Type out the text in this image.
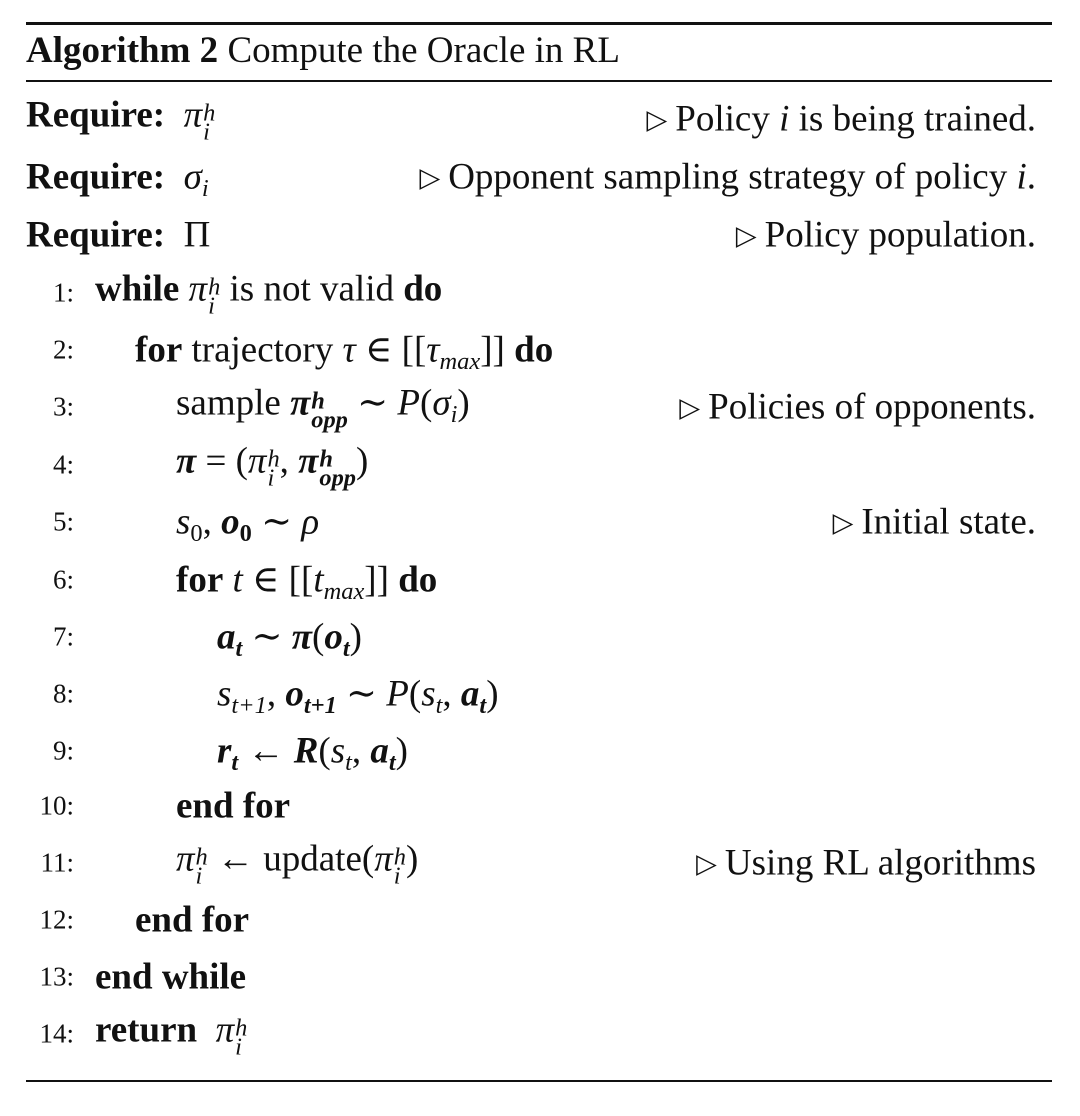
Algorithm 2 Compute the Oracle in RL
Require: π h
i	▷ Policy i is being trained.
Require: $\sigma_i$	▷ Opponent sampling strategy of policy i.
Require: Π	▷ Policy population.
1: while π h
i is not valid do
2: for trajectory τ ∈ $[[\tau_{max}]]$ do
3:	sample π h
opp ∼ $P(\sigma_i)$	▷ Policies of opponents.
4:	π = (π h
i , π h
opp )
5:	$s_0$, $o_0$ ∼ ρ	▷ Initial state.
6:	for t ∈ $[[t_{max}]]$ do
7:	$a_t$ ∼ $\pi(o_t)$
8:	$s_{t+1}$, $o_{t+1}$ ∼ $P(s_t$, $a_t$)
9:	$r_t$ ← $R(s_t$, $a_t$)
10:	end for
11:	π h
i ← update(π h
i )	▷ Using RL algorithms
12: end for
13: end while
14: return π h
i
